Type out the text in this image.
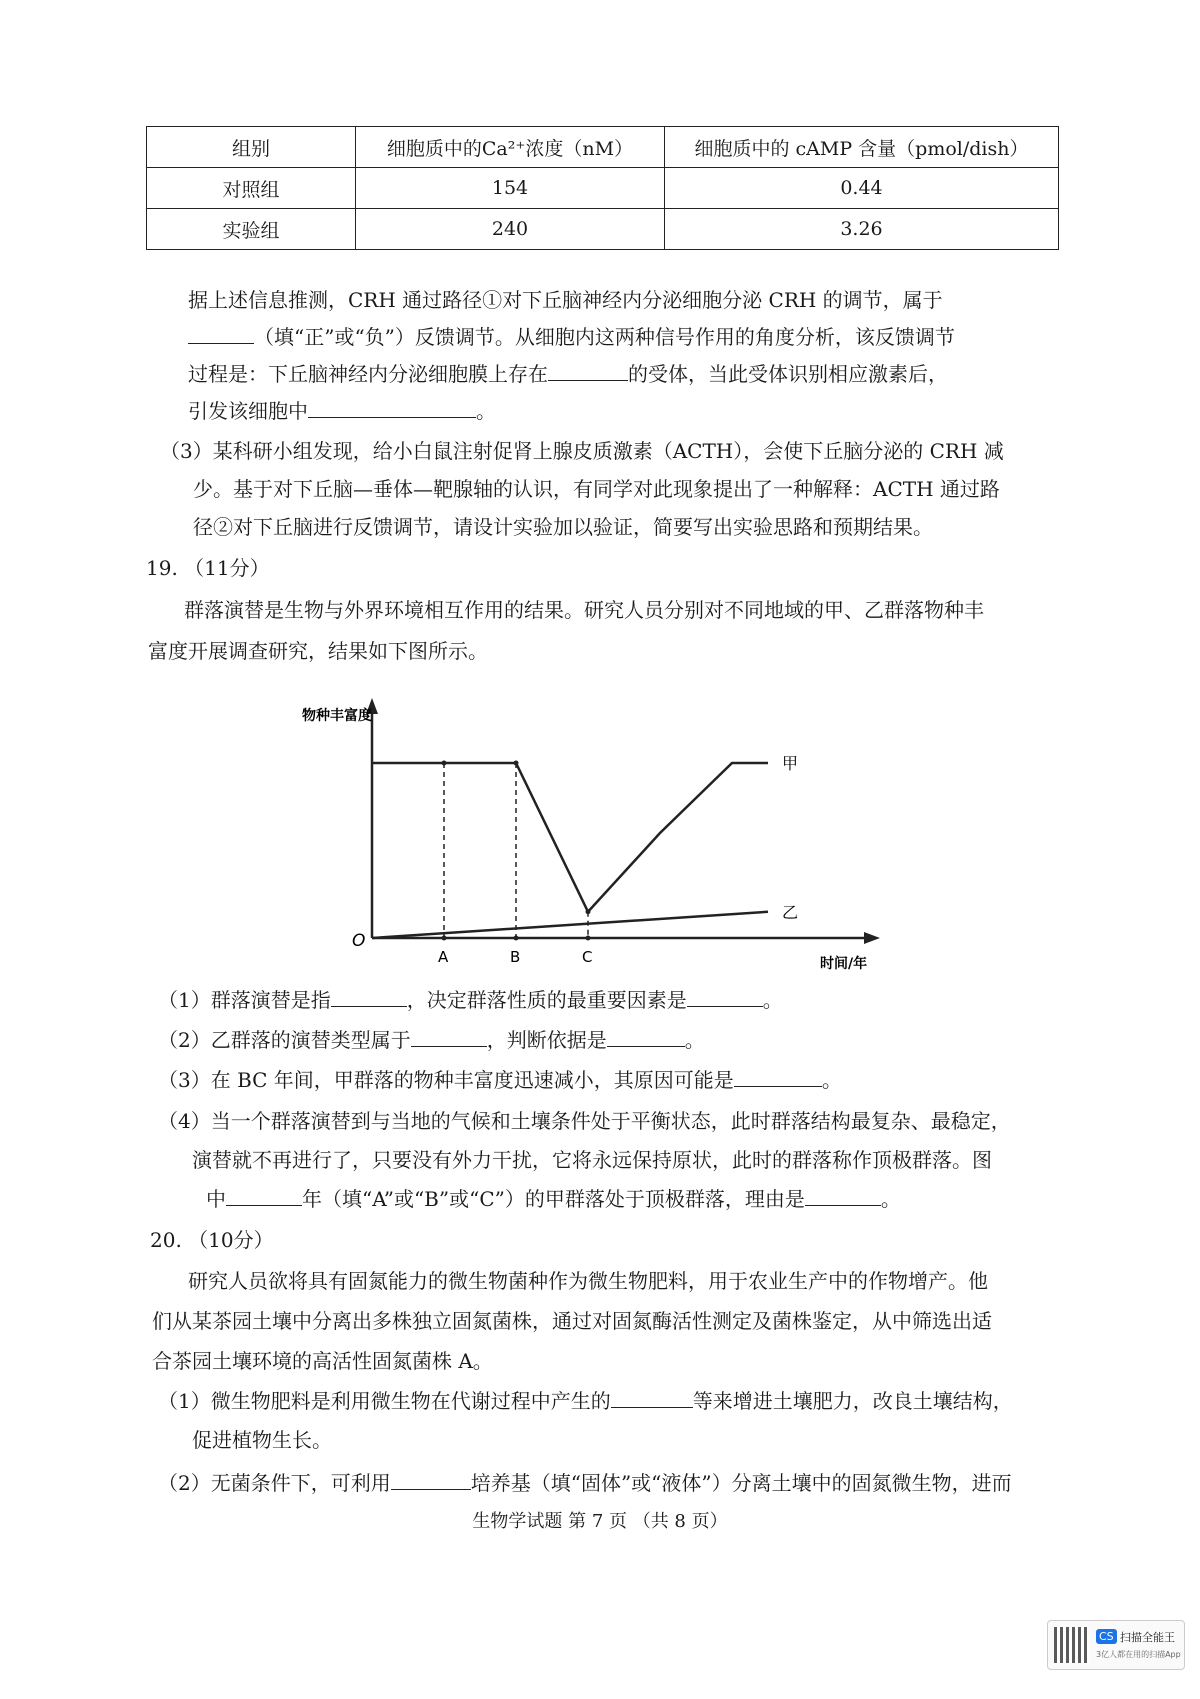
组别	细胞质中的Ca²⁺浓度（nM）	细胞质中的 cAMP 含量（pmol/dish）
对照组	154	0.44
实验组	240	3.26
据上述信息推测，CRH 通过路径①对下丘脑神经内分泌细胞分泌 CRH 的调节，属于
（填“正”或“负”）反馈调节。从细胞内这两种信号作用的角度分析，该反馈调节
过程是：下丘脑神经内分泌细胞膜上存在	的受体，当此受体识别相应激素后，
引发该细胞中	。
（3）某科研小组发现，给小白鼠注射促肾上腺皮质激素（ACTH），会使下丘脑分泌的 CRH 减
少。基于对下丘脑—垂体—靶腺轴的认识，有同学对此现象提出了一种解释：ACTH 通过路
径②对下丘脑进行反馈调节，请设计实验加以验证，简要写出实验思路和预期结果。
19. （11分）
群落演替是生物与外界环境相互作用的结果。研究人员分别对不同地域的甲、乙群落物种丰
富度开展调查研究，结果如下图所示。
物种丰富度
时间/年
O
A	B	C
甲
乙
（1）群落演替是指	，决定群落性质的最重要因素是	。
（2）乙群落的演替类型属于	，判断依据是	。
（3）在 BC 年间，甲群落的物种丰富度迅速减小，其原因可能是	。
（4）当一个群落演替到与当地的气候和土壤条件处于平衡状态，此时群落结构最复杂、最稳定，
演替就不再进行了，只要没有外力干扰，它将永远保持原状，此时的群落称作顶极群落。图
中	年（填“A”或“B”或“C”）的甲群落处于顶极群落，理由是	。
20. （10分）
研究人员欲将具有固氮能力的微生物菌种作为微生物肥料，用于农业生产中的作物增产。他
们从某茶园土壤中分离出多株独立固氮菌株，通过对固氮酶活性测定及菌株鉴定，从中筛选出适
合茶园土壤环境的高活性固氮菌株 A。
（1）微生物肥料是利用微生物在代谢过程中产生的	等来增进土壤肥力，改良土壤结构，
促进植物生长。
（2）无菌条件下，可利用	培养基（填“固体”或“液体”）分离土壤中的固氮微生物，进而
生物学试题 第 7 页 （共 8 页）
CS 扫描全能王
3亿人都在用的扫描App
